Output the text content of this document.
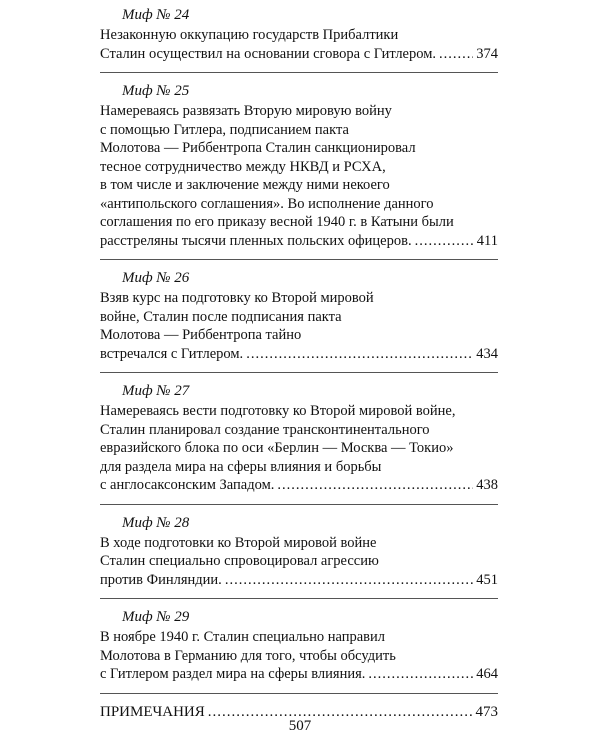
Миф № 24
Незаконную оккупацию государств Прибалтики
Сталин осуществил на основании сговора с Гитлером. .....	374
Миф № 25
Намереваясь развязать Вторую мировую войну
с помощью Гитлера, подписанием пакта
Молотова — Риббентропа Сталин санкционировал
тесное сотрудничество между НКВД и РСХА,
в том числе и заключение между ними некоего
«антипольского соглашения». Во исполнение данного
соглашения по его приказу весной 1940 г. в Катыни были
расстреляны тысячи пленных польских офицеров. .....	411
Миф № 26
Взяв курс на подготовку ко Второй мировой
войне, Сталин после подписания пакта
Молотова — Риббентропа тайно
встречался с Гитлером. .....	434
Миф № 27
Намереваясь вести подготовку ко Второй мировой войне,
Сталин планировал создание трансконтинентального
евразийского блока по оси «Берлин — Москва — Токио»
для раздела мира на сферы влияния и борьбы
с англосаксонским Западом. .....	438
Миф № 28
В ходе подготовки ко Второй мировой войне
Сталин специально спровоцировал агрессию
против Финляндии. .....	451
Миф № 29
В ноябре 1940 г. Сталин специально направил
Молотова в Германию для того, чтобы обсудить
с Гитлером раздел мира на сферы влияния. .....	464
ПРИМЕЧАНИЯ .....	473
507
